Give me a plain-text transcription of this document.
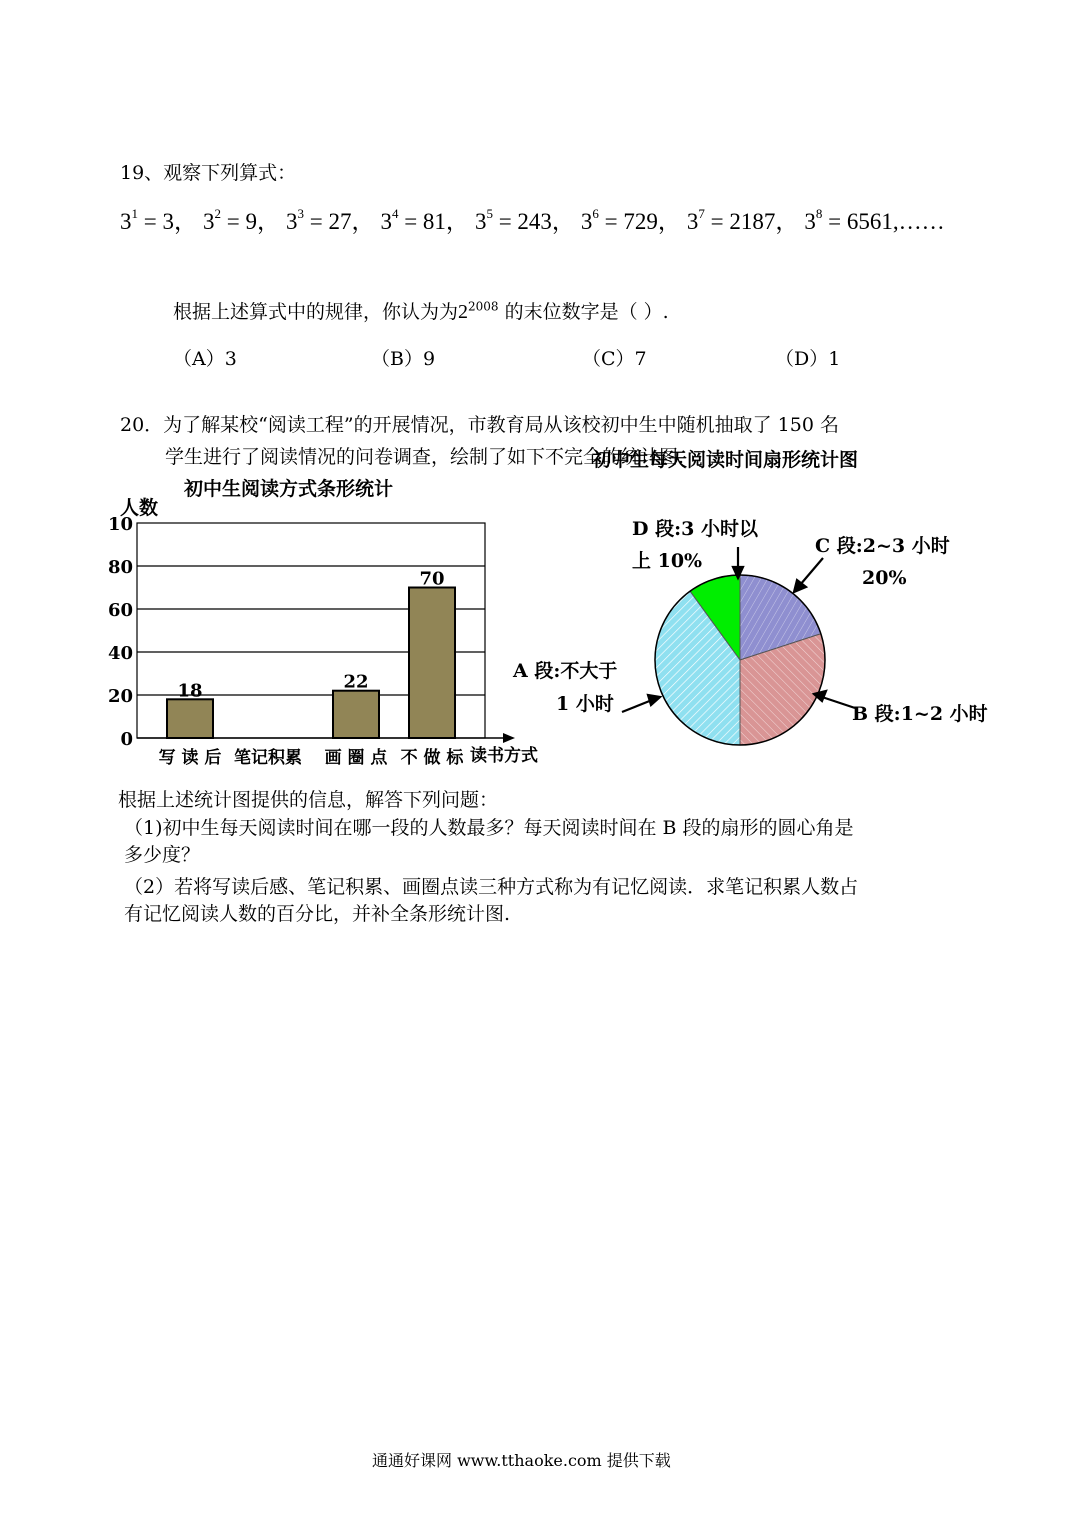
19、观察下列算式：
$3^1 = 3$， $3^2 = 9$， $3^3 = 27$， $3^4 = 81$， $3^5 = 243$， $3^6 = 729$， $3^7 = 2187$， $3^8$ = 6561,……
根据上述算式中的规律，你认为为$2^{2008}$ 的末位数字是（ ）.
（A）3	（B）9	（C）7	（D）1
20．为了解某校“阅读工程”的开展情况，市教育局从该校初中生中随机抽取了 150 名
学生进行了阅读情况的问卷调查，绘制了如下不完全的统计图.
初中生阅读方式条形统计
人数
0
20
40
60
80
10
18	22
70
写 读 后 笔记积累 画 圈 点 不 做 标 读书方式
初中生每天阅读时间扇形统计图
D 段:3 小时以
上 10%
C 段:2~3 小时
20%
B 段:1~2 小时
A 段:不大于
1 小时
根据上述统计图提供的信息，解答下列问题：
（1)初中生每天阅读时间在哪一段的人数最多？每天阅读时间在 B 段的扇形的圆心角是
多少度？
（2）若将写读后感、笔记积累、画圈点读三种方式称为有记忆阅读．求笔记积累人数占
有记忆阅读人数的百分比，并补全条形统计图.
通通好课网 www.tthaoke.com 提供下载
